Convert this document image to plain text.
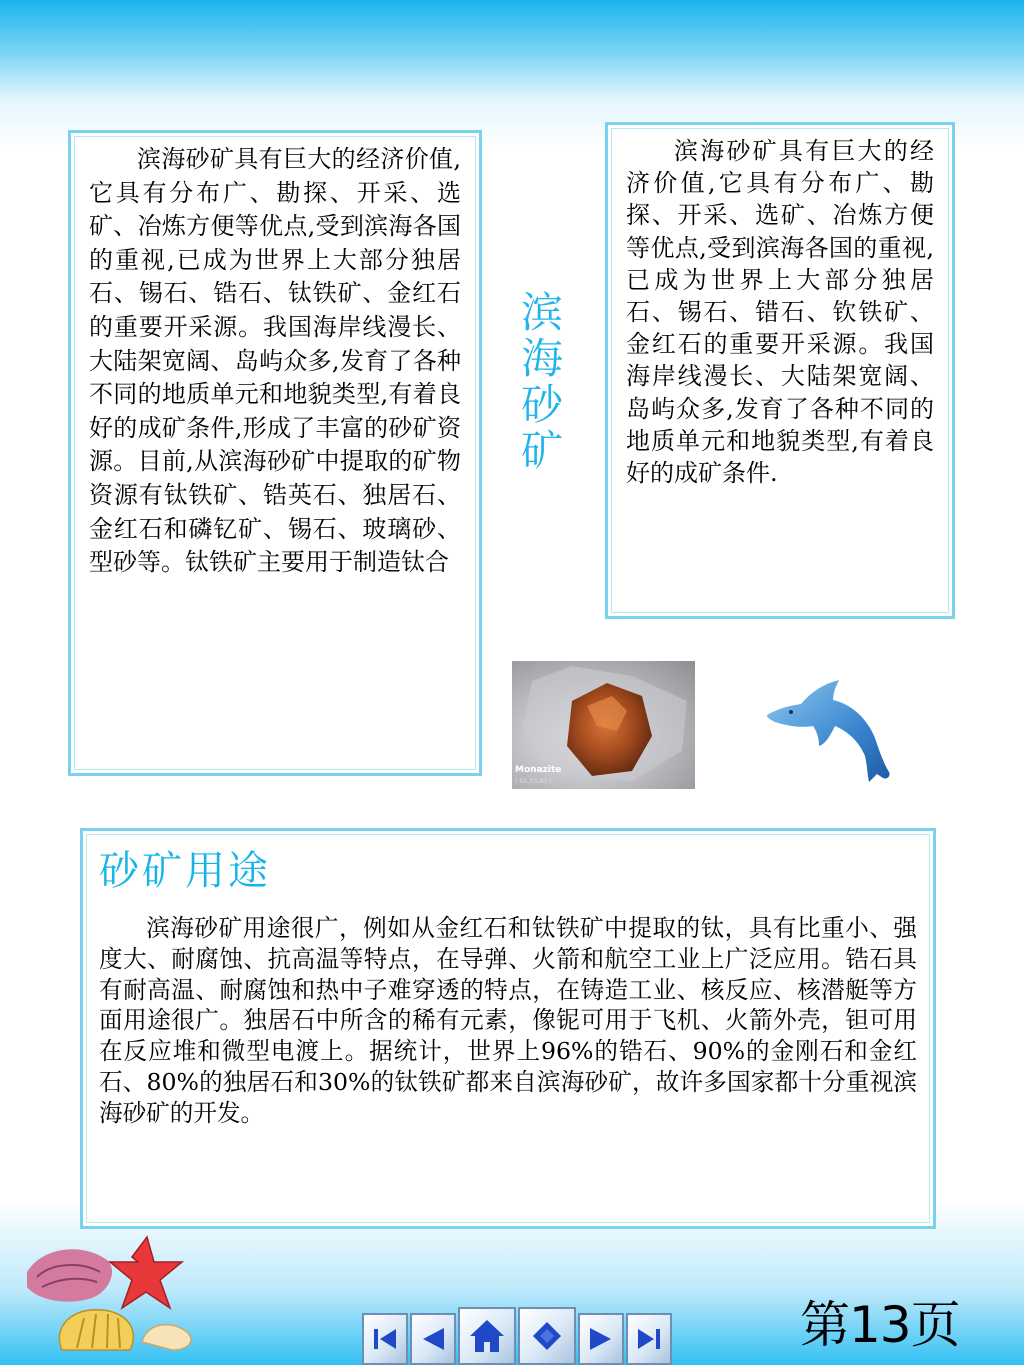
滨海砂矿具有巨大的经济价值,它具有分布广、勘探、开采、选矿、冶炼方便等优点,受到滨海各国的重视,已成为世界上大部分独居石、锡石、锆石、钛铁矿、金红石的重要开采源。我国海岸线漫长、大陆架宽阔、岛屿众多,发育了各种不同的地质单元和地貌类型,有着良好的成矿条件,形成了丰富的砂矿资源。目前,从滨海砂矿中提取的矿物资源有钛铁矿、锆英石、独居石、金红石和磷钇矿、锡石、玻璃砂、型砂等。钛铁矿主要用于制造钛合

滨海砂矿

滨海砂矿具有巨大的经济价值,它具有分布广、勘探、开采、选矿、冶炼方便等优点,受到滨海各国的重视,已成为世界上大部分独居石、锡石、错石、钦铁矿、金红石的重要开采源。我国海岸线漫长、大陆架宽阔、岛屿众多,发育了各种不同的地质单元和地貌类型,有着良好的成矿条件.

Monazite
( SiL,ES,80 )
砂矿用途

滨海砂矿用途很广，例如从金红石和钛铁矿中提取的钛，具有比重小、强度大、耐腐蚀、抗高温等特点，在导弹、火箭和航空工业上广泛应用。锆石具有耐高温、耐腐蚀和热中子难穿透的特点，在铸造工业、核反应、核潜艇等方面用途很广。独居石中所含的稀有元素，像铌可用于飞机、火箭外壳，钽可用在反应堆和微型电渡上。据统计，世界上96%的锆石、90%的金刚石和金红石、80%的独居石和30%的钛铁矿都来自滨海砂矿，故许多国家都十分重视滨海砂矿的开发。

第13页
